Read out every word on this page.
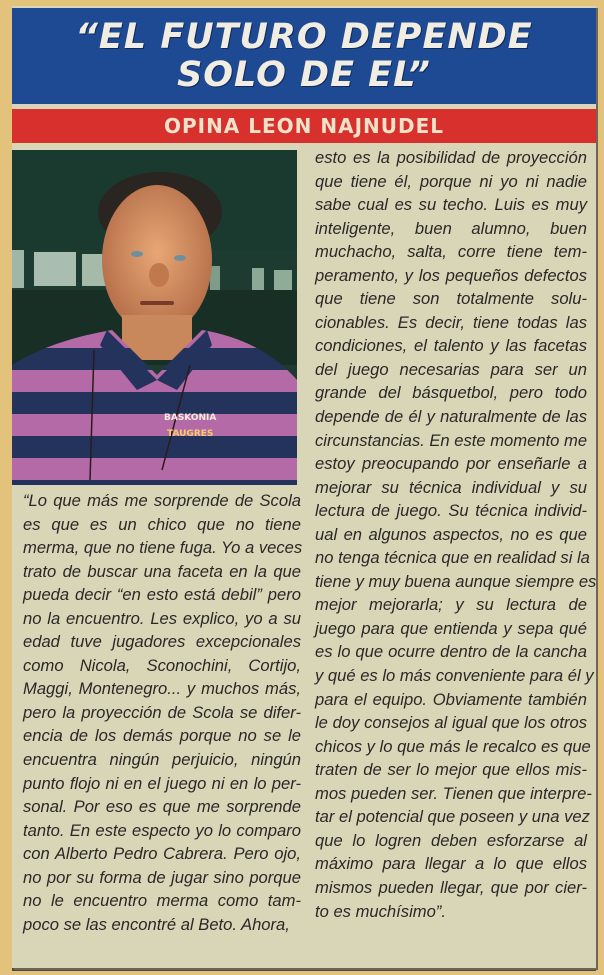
“EL FUTURO DEPENDE
SOLO DE EL”
OPINA LEON NAJNUDEL
BASKONIA
TAUGRES
esto es la posibilidad de proyección
que tiene él, porque ni yo ni nadie
sabe cual es su techo. Luis es muy
inteligente, buen alumno, buen
muchacho, salta, corre tiene tem-
peramento, y los pequeños defectos
que tiene son totalmente solu-
cionables. Es decir, tiene todas las
condiciones, el talento y las facetas
del juego necesarias para ser un
grande del básquetbol, pero todo
depende de él y naturalmente de las
circunstancias. En este momento me
estoy preocupando por enseñarle a
mejorar su técnica individual y su
lectura de juego. Su técnica individ-
ual en algunos aspectos, no es que
no tenga técnica que en realidad si la
tiene y muy buena aunque siempre es
mejor mejorarla; y su lectura de
juego para que entienda y sepa qué
es lo que ocurre dentro de la cancha
y qué es lo más conveniente para él y
para el equipo. Obviamente también
le doy consejos al igual que los otros
chicos y lo que más le recalco es que
traten de ser lo mejor que ellos mis-
mos pueden ser. Tienen que interpre-
tar el potencial que poseen y una vez
que lo logren deben esforzarse al
máximo para llegar a lo que ellos
mismos pueden llegar, que por cier-
to es muchísimo”.
“Lo que más me sorprende de Scola
es que es un chico que no tiene
merma, que no tiene fuga. Yo a veces
trato de buscar una faceta en la que
pueda decir “en esto está debil” pero
no la encuentro. Les explico, yo a su
edad tuve jugadores excepcionales
como Nicola, Sconochini, Cortijo,
Maggi, Montenegro... y muchos más,
pero la proyección de Scola se difer-
encia de los demás porque no se le
encuentra ningún perjuicio, ningún
punto flojo ni en el juego ni en lo per-
sonal. Por eso es que me sorprende
tanto. En este especto yo lo comparo
con Alberto Pedro Cabrera. Pero ojo,
no por su forma de jugar sino porque
no le encuentro merma como tam-
poco se las encontré al Beto. Ahora,
